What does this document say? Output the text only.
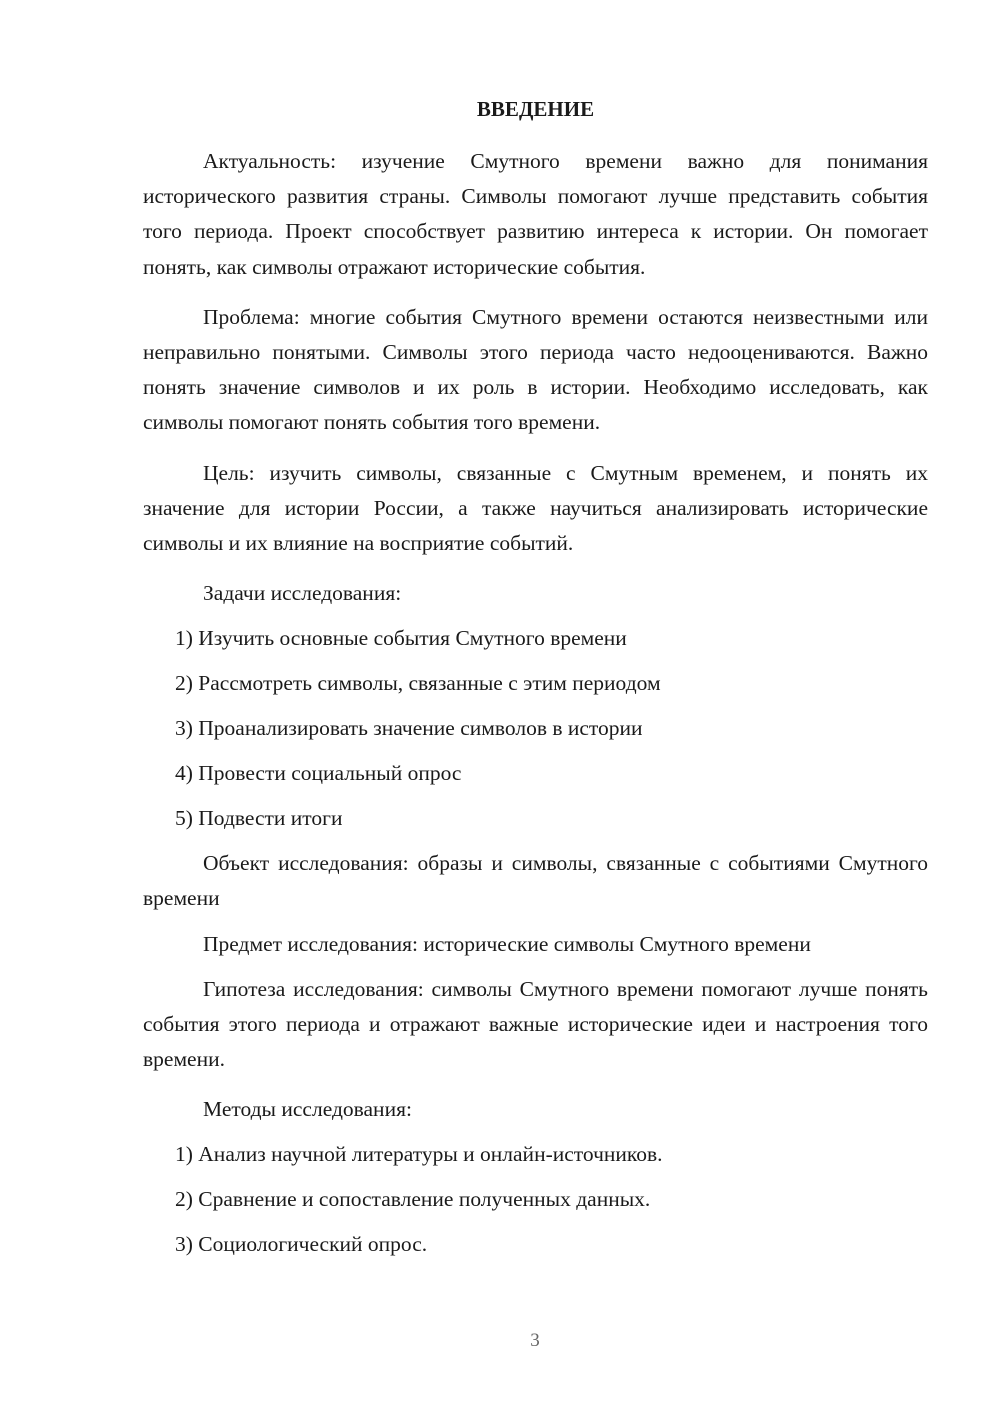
ВВЕДЕНИЕ

Актуальность: изучение Смутного времени важно для понимания исторического развития страны. Символы помогают лучше представить события того периода. Проект способствует развитию интереса к истории. Он помогает понять, как символы отражают исторические события.

Проблема: многие события Смутного времени остаются неизвестными или неправильно понятыми. Символы этого периода часто недооцениваются. Важно понять значение символов и их роль в истории. Необходимо исследовать, как символы помогают понять события того времени.

Цель: изучить символы, связанные с Смутным временем, и понять их значение для истории России, а также научиться анализировать исторические символы и их влияние на восприятие событий.

Задачи исследования:
1) Изучить основные события Смутного времени
2) Рассмотреть символы, связанные с этим периодом
3) Проанализировать значение символов в истории
4) Провести социальный опрос
5) Подвести итоги

Объект исследования: образы и символы, связанные с событиями Смутного времени

Предмет исследования: исторические символы Смутного времени

Гипотеза исследования: символы Смутного времени помогают лучше понять события этого периода и отражают важные исторические идеи и настроения того времени.

Методы исследования:
1) Анализ научной литературы и онлайн-источников.
2) Сравнение и сопоставление полученных данных.
3) Социологический опрос.
3
